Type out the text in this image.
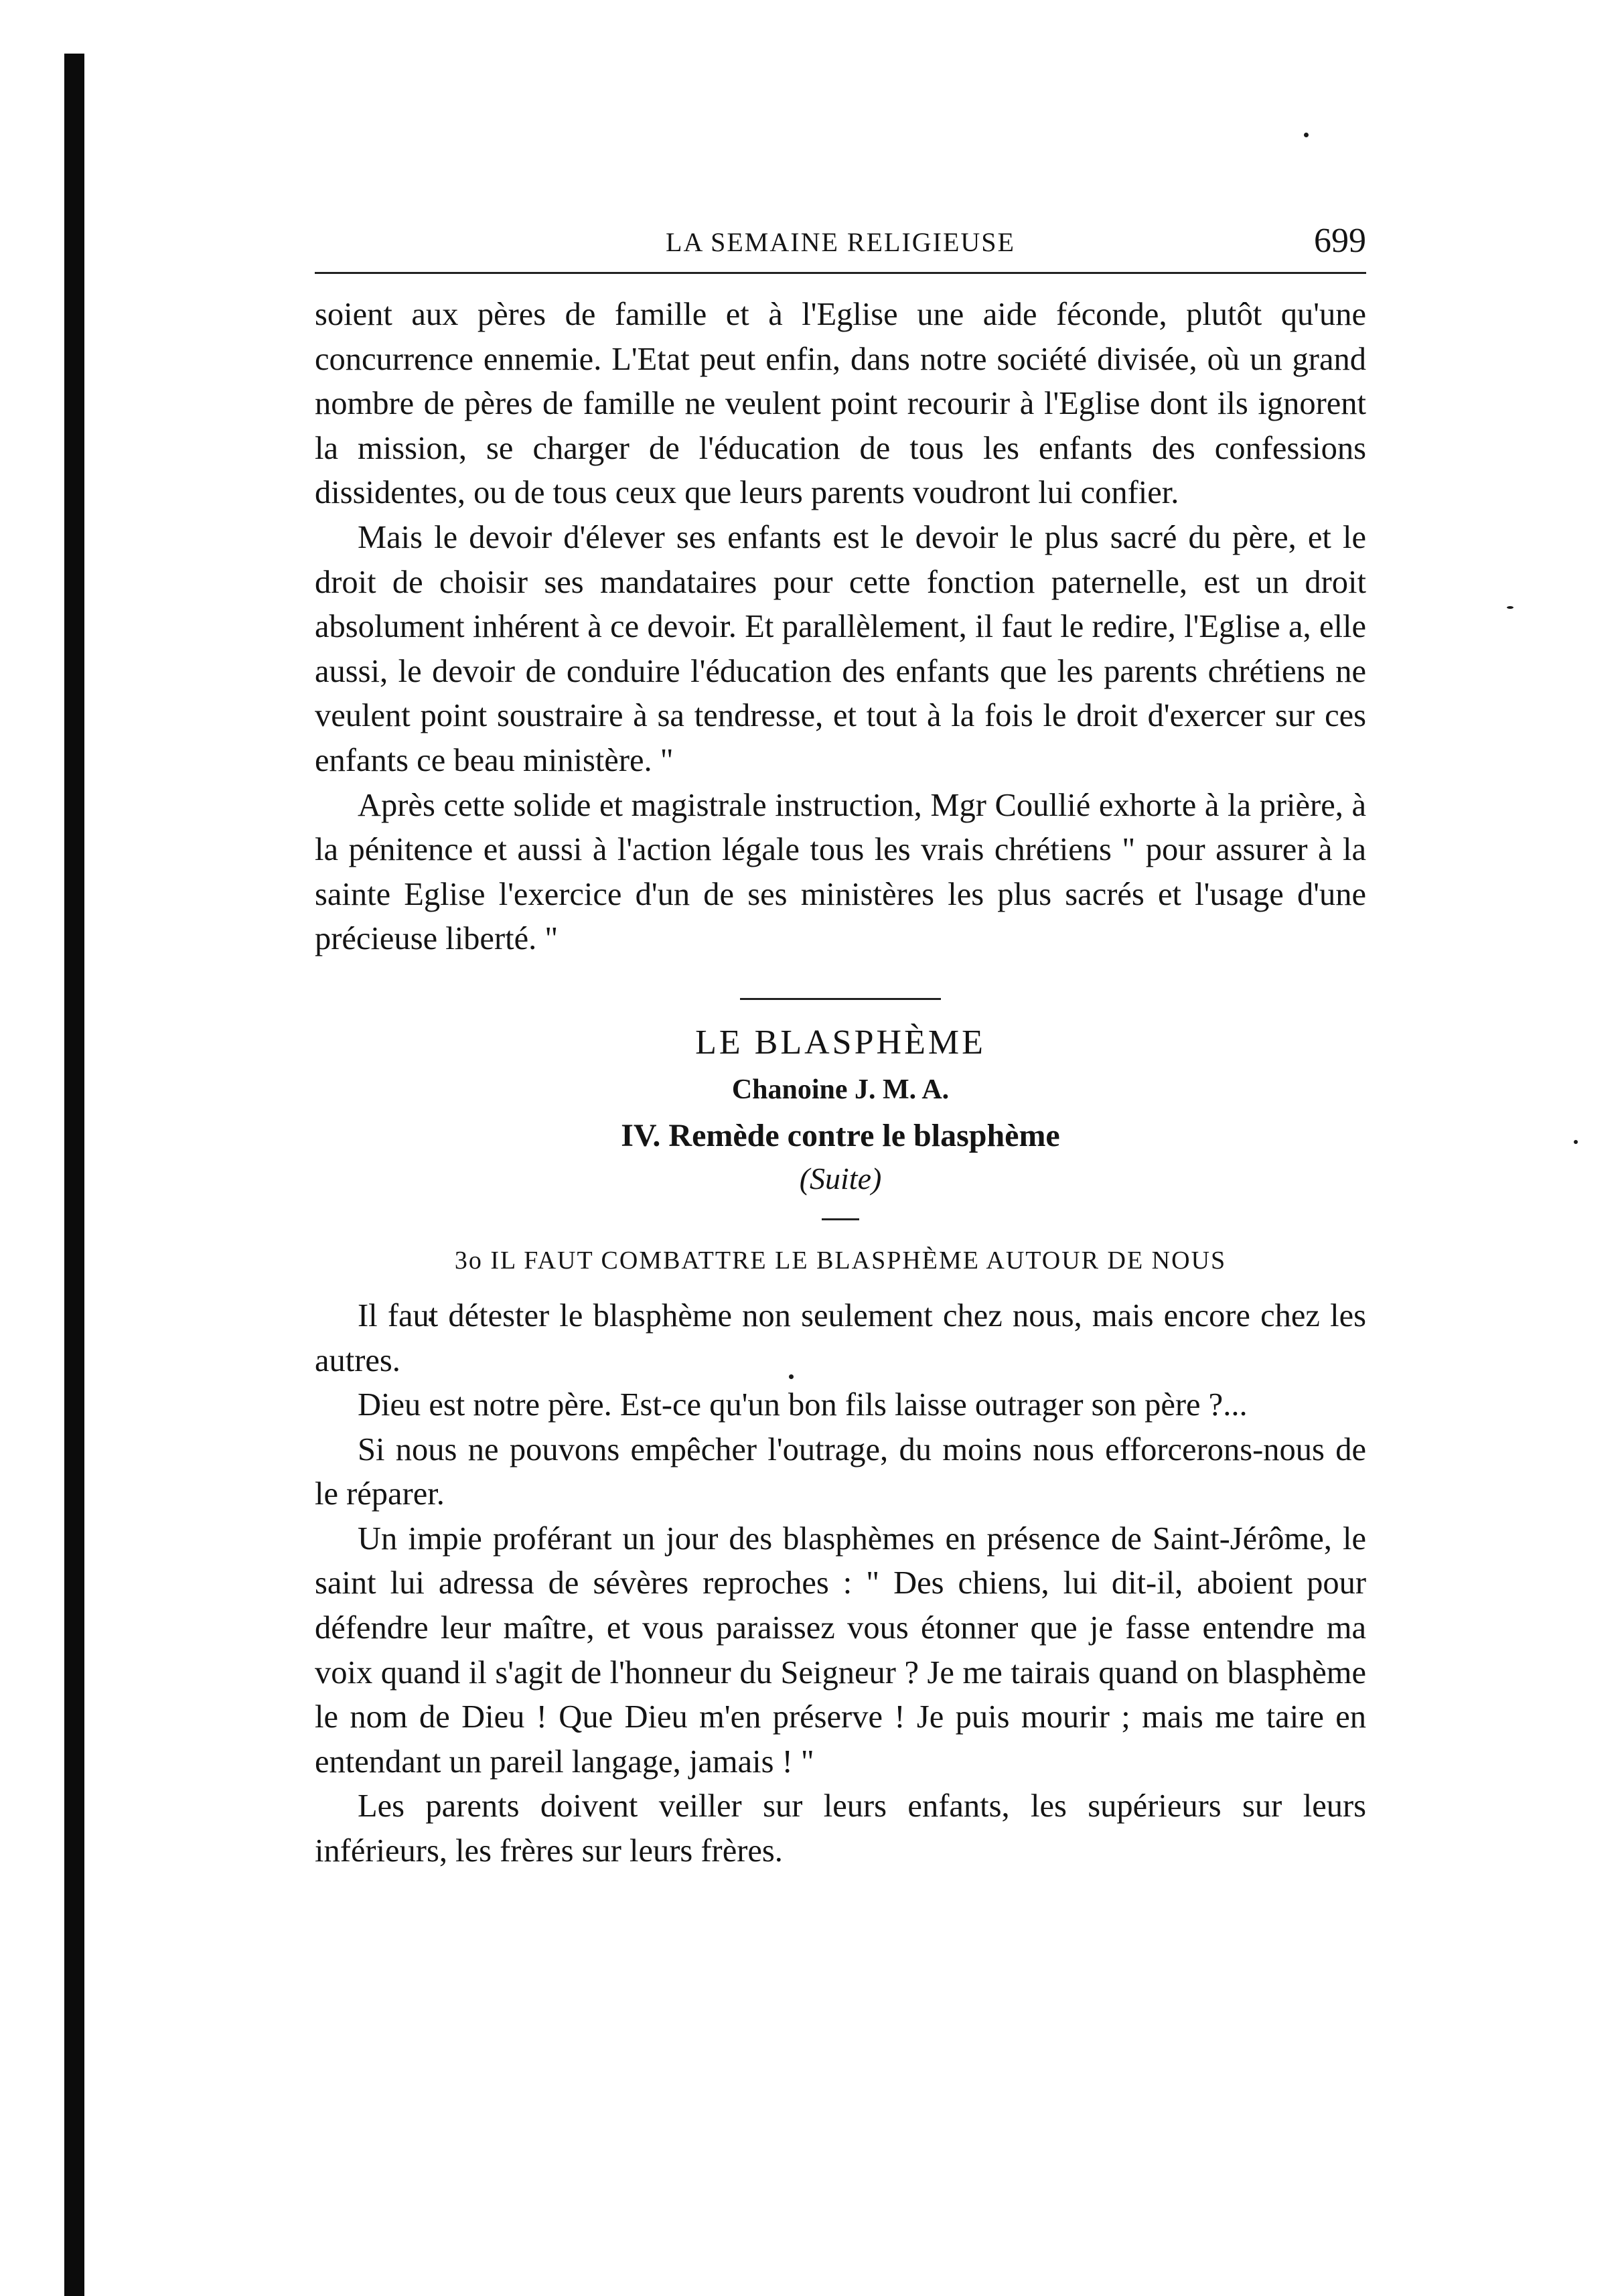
LA SEMAINE RELIGIEUSE	699

soient aux pères de famille et à l'Eglise une aide féconde, plutôt qu'une concurrence ennemie. L'Etat peut enfin, dans notre société divisée, où un grand nombre de pères de famille ne veulent point recourir à l'Eglise dont ils ignorent la mission, se charger de l'éducation de tous les enfants des confessions dissidentes, ou de tous ceux que leurs parents voudront lui confier.

Mais le devoir d'élever ses enfants est le devoir le plus sacré du père, et le droit de choisir ses mandataires pour cette fonction paternelle, est un droit absolument inhérent à ce devoir. Et parallèlement, il faut le redire, l'Eglise a, elle aussi, le devoir de conduire l'éducation des enfants que les parents chrétiens ne veulent point soustraire à sa tendresse, et tout à la fois le droit d'exercer sur ces enfants ce beau ministère. "

Après cette solide et magistrale instruction, Mgr Coullié exhorte à la prière, à la pénitence et aussi à l'action légale tous les vrais chrétiens " pour assurer à la sainte Eglise l'exercice d'un de ses ministères les plus sacrés et l'usage d'une précieuse liberté. "

LE BLASPHÈME
Chanoine J. M. A.
IV. Remède contre le blasphème
(Suite)
3o IL FAUT COMBATTRE LE BLASPHÈME AUTOUR DE NOUS

Il faut détester le blasphème non seulement chez nous, mais encore chez les autres.

Dieu est notre père. Est-ce qu'un bon fils laisse outrager son père ?...

Si nous ne pouvons empêcher l'outrage, du moins nous efforcerons-nous de le réparer.

Un impie proférant un jour des blasphèmes en présence de Saint-Jérôme, le saint lui adressa de sévères reproches : " Des chiens, lui dit-il, aboient pour défendre leur maître, et vous paraissez vous étonner que je fasse entendre ma voix quand il s'agit de l'honneur du Seigneur ? Je me tairais quand on blasphème le nom de Dieu ! Que Dieu m'en préserve ! Je puis mourir ; mais me taire en entendant un pareil langage, jamais ! "

Les parents doivent veiller sur leurs enfants, les supérieurs sur leurs inférieurs, les frères sur leurs frères.
